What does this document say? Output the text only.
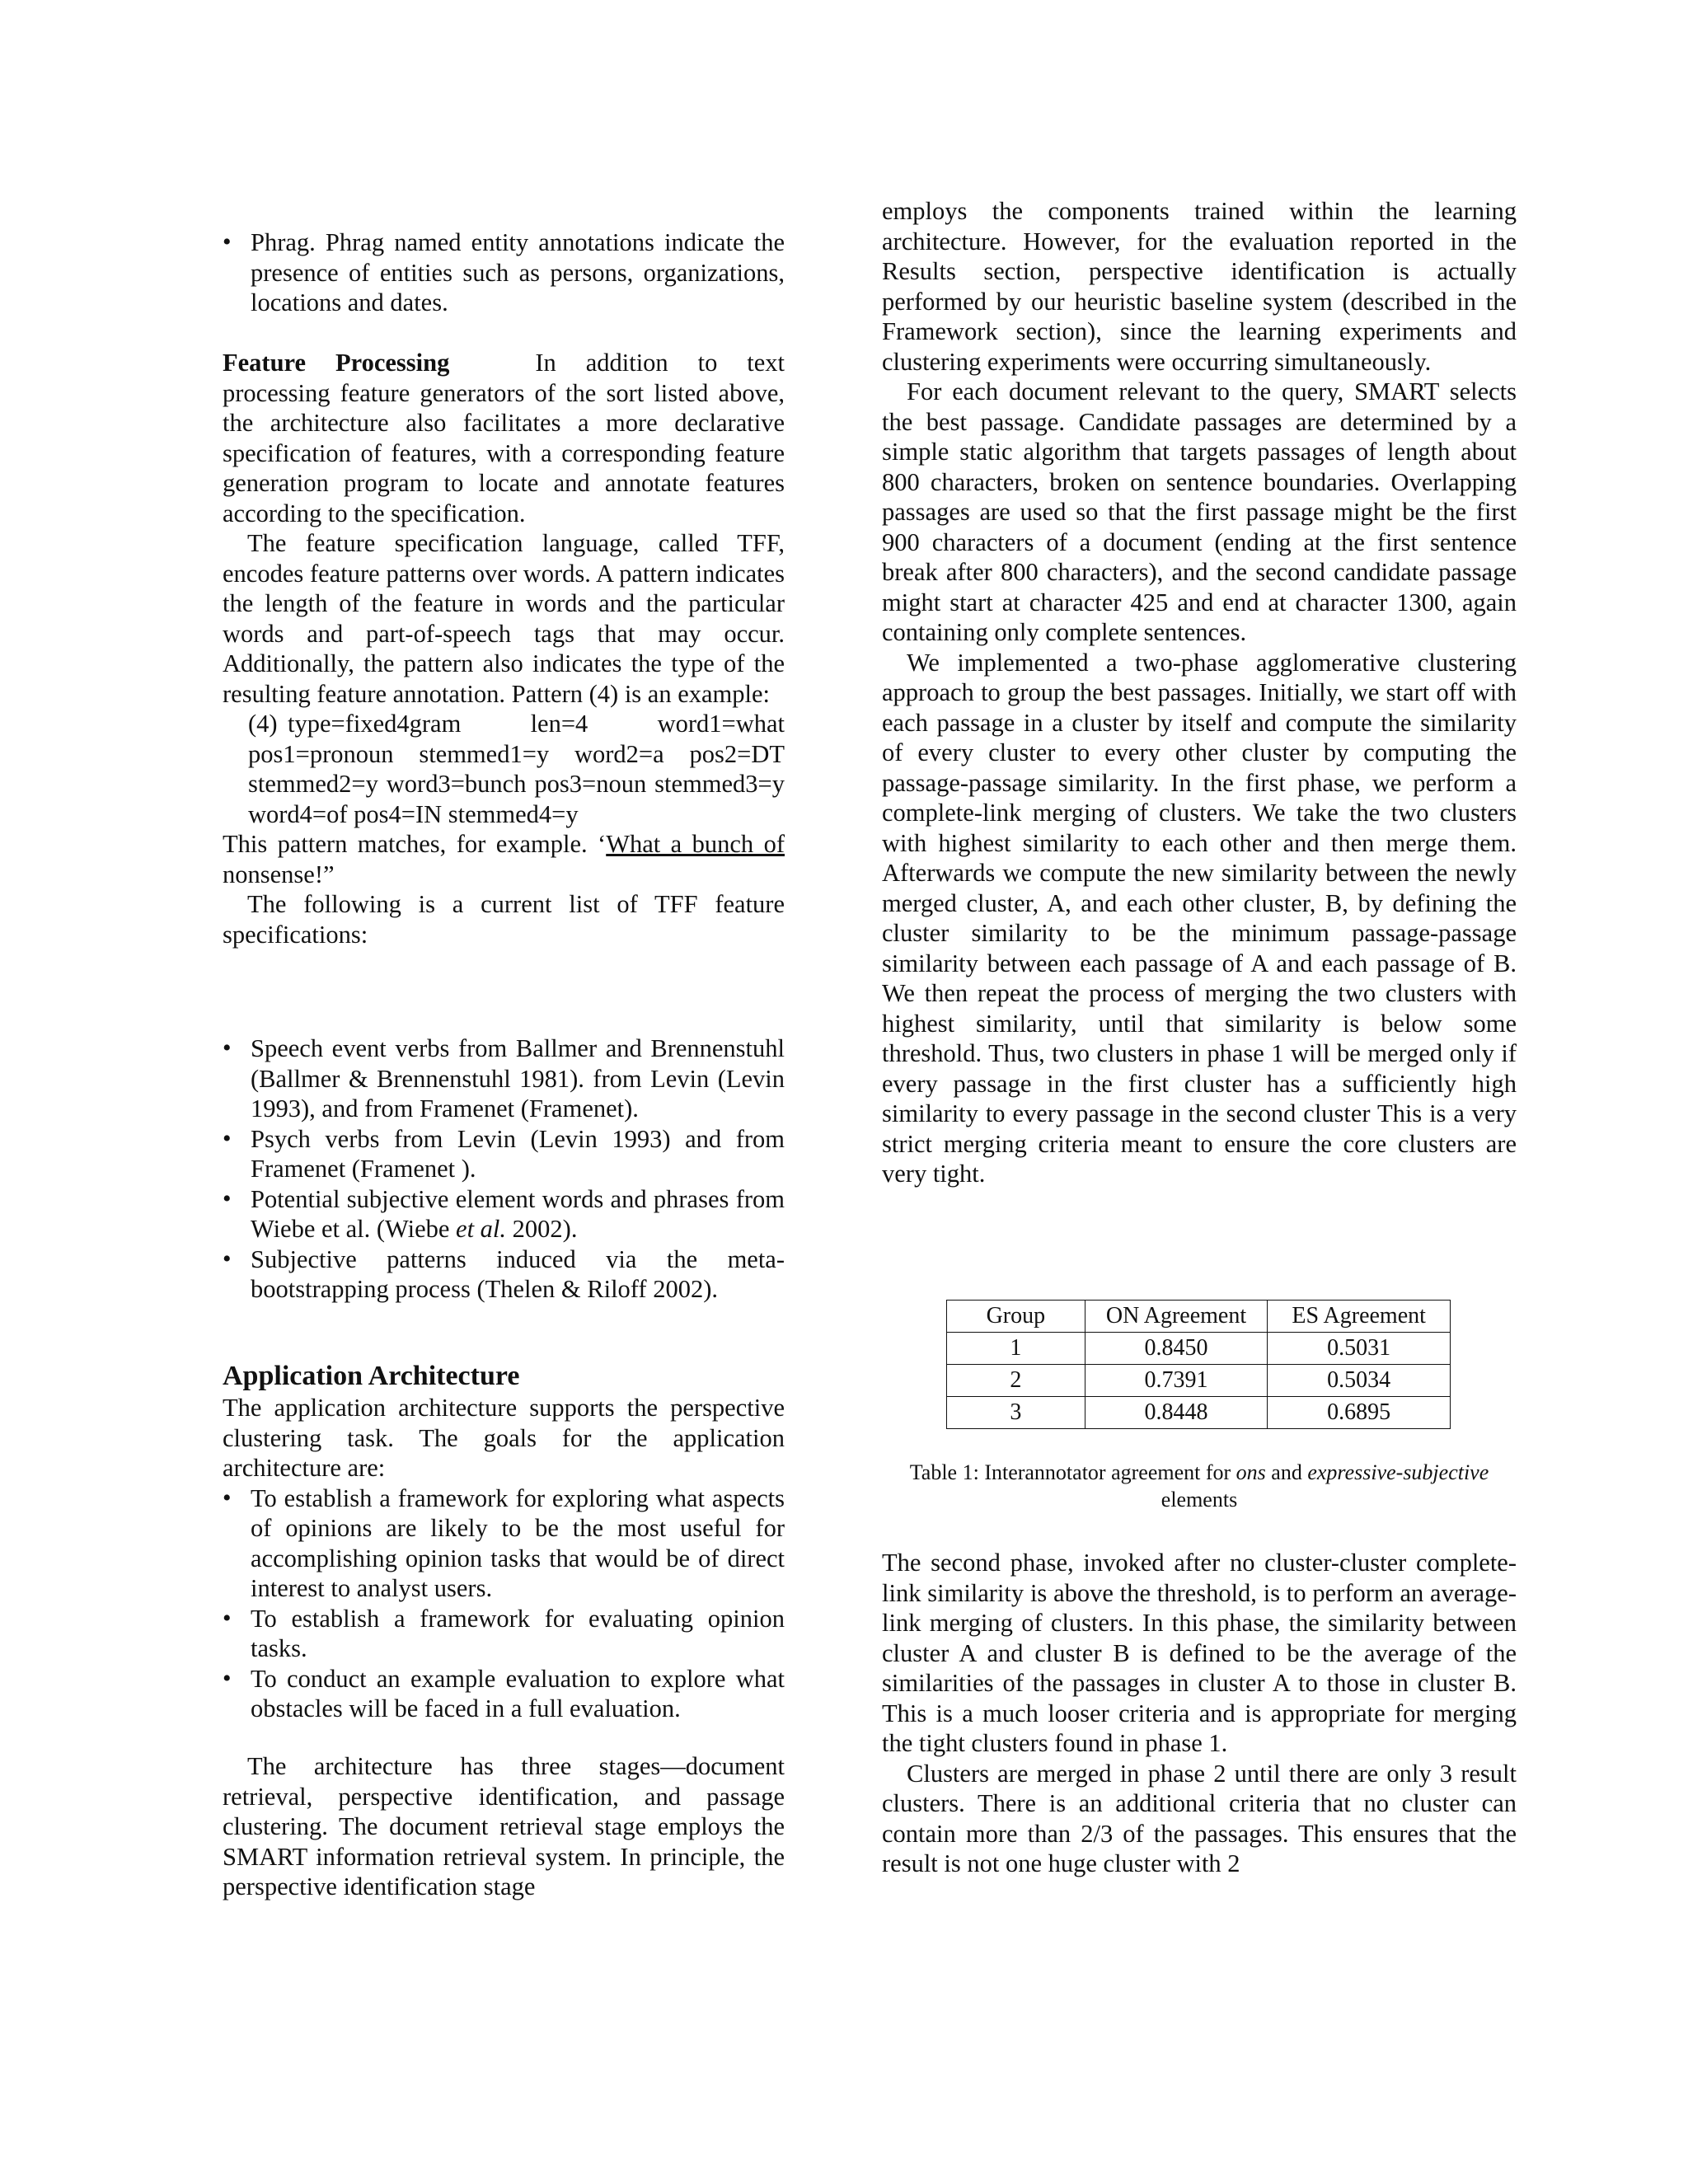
• Phrag. Phrag named entity annotations indicate the presence of entities such as persons, organizations, locations and dates.

Feature Processing	In addition to text processing feature generators of the sort listed above, the architecture also facilitates a more declarative specification of features, with a corresponding feature generation program to locate and annotate features according to the specification.

The feature specification language, called TFF, encodes feature patterns over words. A pattern indicates the length of the feature in words and the particular words and part-of-speech tags that may occur. Additionally, the pattern also indicates the type of the resulting feature annotation. Pattern (4) is an example:

(4) type=fixed4gram len=4 word1=what pos1=pronoun stemmed1=y word2=a pos2=DT stemmed2=y word3=bunch pos3=noun stemmed3=y word4=of pos4=IN stemmed4=y

This pattern matches, for example. ‘What a bunch of nonsense!”

The following is a current list of TFF feature specifications:

• Speech event verbs from Ballmer and Brennenstuhl (Ballmer & Brennenstuhl 1981). from Levin (Levin 1993), and from Framenet (Framenet).
• Psych verbs from Levin (Levin 1993) and from Framenet (Framenet ).
• Potential subjective element words and phrases from Wiebe et al. (Wiebe et al. 2002).
• Subjective patterns induced via the meta-bootstrapping process (Thelen & Riloff 2002).
Application Architecture

The application architecture supports the perspective clustering task. The goals for the application architecture are:

• To establish a framework for exploring what aspects of opinions are likely to be the most useful for accomplishing opinion tasks that would be of direct interest to analyst users.
• To establish a framework for evaluating opinion tasks.
• To conduct an example evaluation to explore what obstacles will be faced in a full evaluation.

The architecture has three stages—document retrieval, perspective identification, and passage clustering. The document retrieval stage employs the SMART information retrieval system. In principle, the perspective identification stage

employs the components trained within the learning architecture. However, for the evaluation reported in the Results section, perspective identification is actually performed by our heuristic baseline system (described in the Framework section), since the learning experiments and clustering experiments were occurring simultaneously.

For each document relevant to the query, SMART selects the best passage. Candidate passages are determined by a simple static algorithm that targets passages of length about 800 characters, broken on sentence boundaries. Overlapping passages are used so that the first passage might be the first 900 characters of a document (ending at the first sentence break after 800 characters), and the second candidate passage might start at character 425 and end at character 1300, again containing only complete sentences.

We implemented a two-phase agglomerative clustering approach to group the best passages. Initially, we start off with each passage in a cluster by itself and compute the similarity of every cluster to every other cluster by computing the passage-passage similarity. In the first phase, we perform a complete-link merging of clusters. We take the two clusters with highest similarity to each other and then merge them. Afterwards we compute the new similarity between the newly merged cluster, A, and each other cluster, B, by defining the cluster similarity to be the minimum passage-passage similarity between each passage of A and each passage of B. We then repeat the process of merging the two clusters with highest similarity, until that similarity is below some threshold. Thus, two clusters in phase 1 will be merged only if every passage in the first cluster has a sufficiently high similarity to every passage in the second cluster This is a very strict merging criteria meant to ensure the core clusters are very tight.

Group	ON Agreement	ES Agreement
1	0.8450	0.5031
2	0.7391	0.5034
3	0.8448	0.6895

Table 1: Interannotator agreement for ons and expressive-subjective elements

The second phase, invoked after no cluster-cluster complete-link similarity is above the threshold, is to perform an average-link merging of clusters. In this phase, the similarity between cluster A and cluster B is defined to be the average of the similarities of the passages in cluster A to those in cluster B. This is a much looser criteria and is appropriate for merging the tight clusters found in phase 1.

Clusters are merged in phase 2 until there are only 3 result clusters. There is an additional criteria that no cluster can contain more than 2/3 of the passages. This ensures that the result is not one huge cluster with 2
